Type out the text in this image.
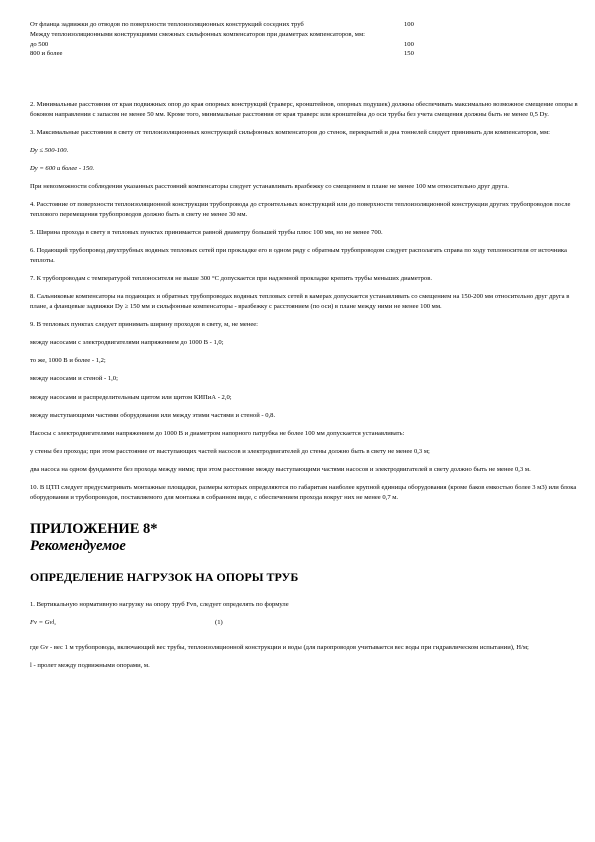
От фланца задвижки до отводов по поверхности теплоизоляционных конструкций соседних труб	100
Между теплоизоляционными конструкциями смежных сильфонных компенсаторов при диаметрах компенсаторов, мм:	
до 500	100
800 и более	150

2. Минимальные расстояния от края подвижных опор до края опорных конструкций (траверс, кронштейнов, опорных подушек) должны обеспечивать максимально возможное смещение опоры в боковом направлении с запасом не менее 50 мм. Кроме того, минимальные расстояния от края траверс или кронштейна до оси трубы без учета смещения должны быть не менее 0,5 Dy.

3. Максимальные расстояния в свету от теплоизоляционных конструкций сильфонных компенсаторов до стенок, перекрытий и дна тоннелей следует принимать для компенсаторов, мм:

Dy ≤ 500-100.

Dy = 600 и более - 150.

При невозможности соблюдения указанных расстояний компенсаторы следует устанавливать вразбежку со смещением в плане не менее 100 мм относительно друг друга.

4. Расстояние от поверхности теплоизоляционной конструкции трубопровода до строительных конструкций или до поверхности теплоизоляционной конструкции других трубопроводов после теплового перемещения трубопроводов должно быть в свету не менее 30 мм.

5. Ширина прохода в свету в тепловых пунктах принимается равной диаметру большей трубы плюс 100 мм, но не менее 700.

6. Подающий трубопровод двухтрубных водяных тепловых сетей при прокладке его в одном ряду с обратным трубопроводом следует располагать справа по ходу теплоносителя от источника теплоты.

7. К трубопроводам с температурой теплоносителя не выше 300 °С допускается при надземной прокладке крепить трубы меньших диаметров.

8. Сальниковые компенсаторы на подающих и обратных трубопроводах водяных тепловых сетей в камерах допускается устанавливать со смещением на 150-200 мм относительно друг друга в плане, а фланцевые задвижки Dy ≥ 150 мм и сильфонные компенсаторы - вразбежку с расстоянием (по оси) в плане между ними не менее 100 мм.

9. В тепловых пунктах следует принимать ширину проходов в свету, м, не менее:

между насосами с электродвигателями напряжением до 1000 В - 1,0;

то же, 1000 В и более - 1,2;

между насосами и стеной - 1,0;

между насосами и распределительным щитом или щитом КИПиА - 2,0;

между выступающими частями оборудования или между этими частями и стеной - 0,8.

Насосы с электродвигателями напряжением до 1000 В и диаметром напорного патрубка не более 100 мм допускается устанавливать:

у стены без прохода; при этом расстояние от выступающих частей насосов и электродвигателей до стены должно быть в свету не менее 0,3 м;

два насоса на одном фундаменте без прохода между ними; при этом расстояние между выступающими частями насосов и электродвигателей в свету должно быть не менее 0,3 м.

10. В ЦТП следует предусматривать монтажные площадки, размеры которых определяются по габаритам наиболее крупной единицы оборудования (кроме баков емкостью более 3 м3) или блока оборудования и трубопроводов, поставляемого для монтажа в собранном виде, с обеспечением прохода вокруг них не менее 0,7 м.

ПРИЛОЖЕНИЕ 8*
Рекомендуемое
ОПРЕДЕЛЕНИЕ НАГРУЗОК НА ОПОРЫ ТРУБ

1. Вертикальную нормативную нагрузку на опору труб Fvn, следует определять по формуле

Fv = Gvl,	(1)

где Gv - вес 1 м трубопровода, включающий вес трубы, теплоизоляционной конструкции и воды (для паропроводов учитывается вес воды при гидравлическом испытании), Н/м;

l - пролет между подвижными опорами, м.
